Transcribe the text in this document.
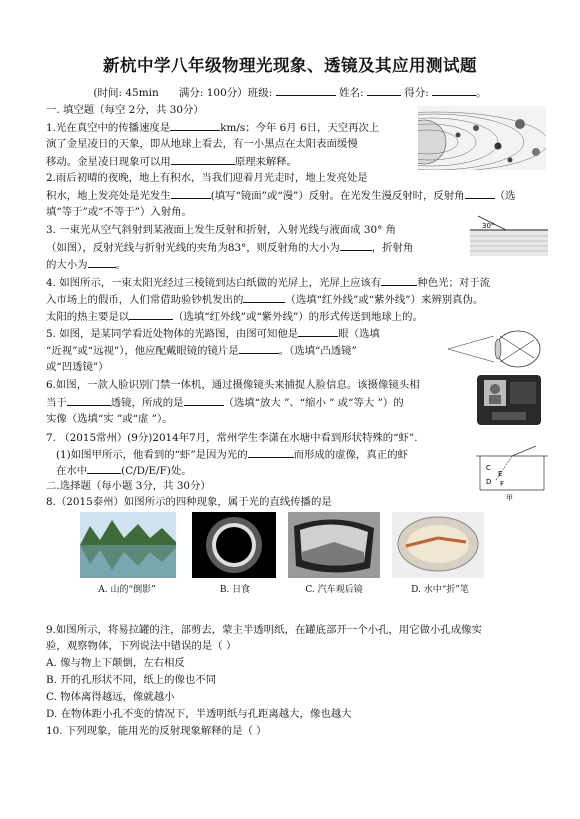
新杭中学八年级物理光现象、透镜及其应用测试题
(时间: 45min 满分: 100分）班级:	姓名:	得分:	。
一. 填空题（每空 2分，共 30分）
1.光在真空中的传播速度是	km/s；今年 6月 6日，天空再次上
演了金星凌日的天象，即从地球上看去，有一小黑点在太阳表面缓慢
移动。金星凌日现象可以用	原理来解释。
2.雨后初晴的夜晚，地上有积水，当我们迎着月光走时，地上发亮处是
积水，地上发亮处是光发生	(填写“镜面”或“漫”）反射。在光发生漫反射时，反射角	（选
填“等于”或“不等于”）入射角。
3. 一束光从空气斜射到某液面上发生反射和折射，入射光线与液面成 30° 角
（如图），反射光线与折射光线的夹角为83°，则反射角的大小为	，折射角
的大小为	。
30°
4. 如图所示，一束太阳光经过三棱镜到达白纸做的光屏上，光屏上应该有	种色光；对于流
入市场上的假币，人们常借助验钞机发出的	（选填“红外线”或“紫外线”）来辨别真伪。
太阳的热主要是以	（选填“红外线”或“紫外线”）的形式传送到地球上的。
5. 如图，是某同学看近处物体的光路图，由图可知他是	眼（选填
“近视”或“远视”），他应配戴眼镜的镜片是	。（选填“凸透镜”
或“凹透镜”）
6.如图，一款人脸识别门禁一体机，通过摄像镜头来捕捉人脸信息。该摄像镜头相
当于	透镜，所成的是	（选填“放大 ”、“缩小 ” 或“等大 ”）的
实像（选填“实 ”或“虚 ”）。
7. （2015常州）(9分)2014年7月，常州学生李潇在水塘中看到形状特殊的“虾”.
(1)如图甲所示，他看到的“虾”是因为光的	而形成的虚像，真正的虾
在水中	(C/D/E/F)处。	C
E
D F
甲
二.选择题（每小题 3分，共 30分）
8.（2015泰州）如图所示的四种现象，属于光的直线传播的是
A. 山的“倒影”	B. 日食	C. 汽车观后镜	D. 水中“折”笔
9.如图所示，将易拉罐的注，部剪去，蒙主半透明纸，在罐底部开一个小孔，用它做小孔成像实
验，观察物体，下列说法中错误的是（ ）
A. 像与物上下颠倒，左右相反
B. 开的孔形状不同，纸上的像也不同
C. 物体离得越远，像就越小
D. 在物体距小孔不变的情况下，半透明纸与孔距离越大，像也越大
10. 下列现象，能用光的反射现象解释的是（ ）
